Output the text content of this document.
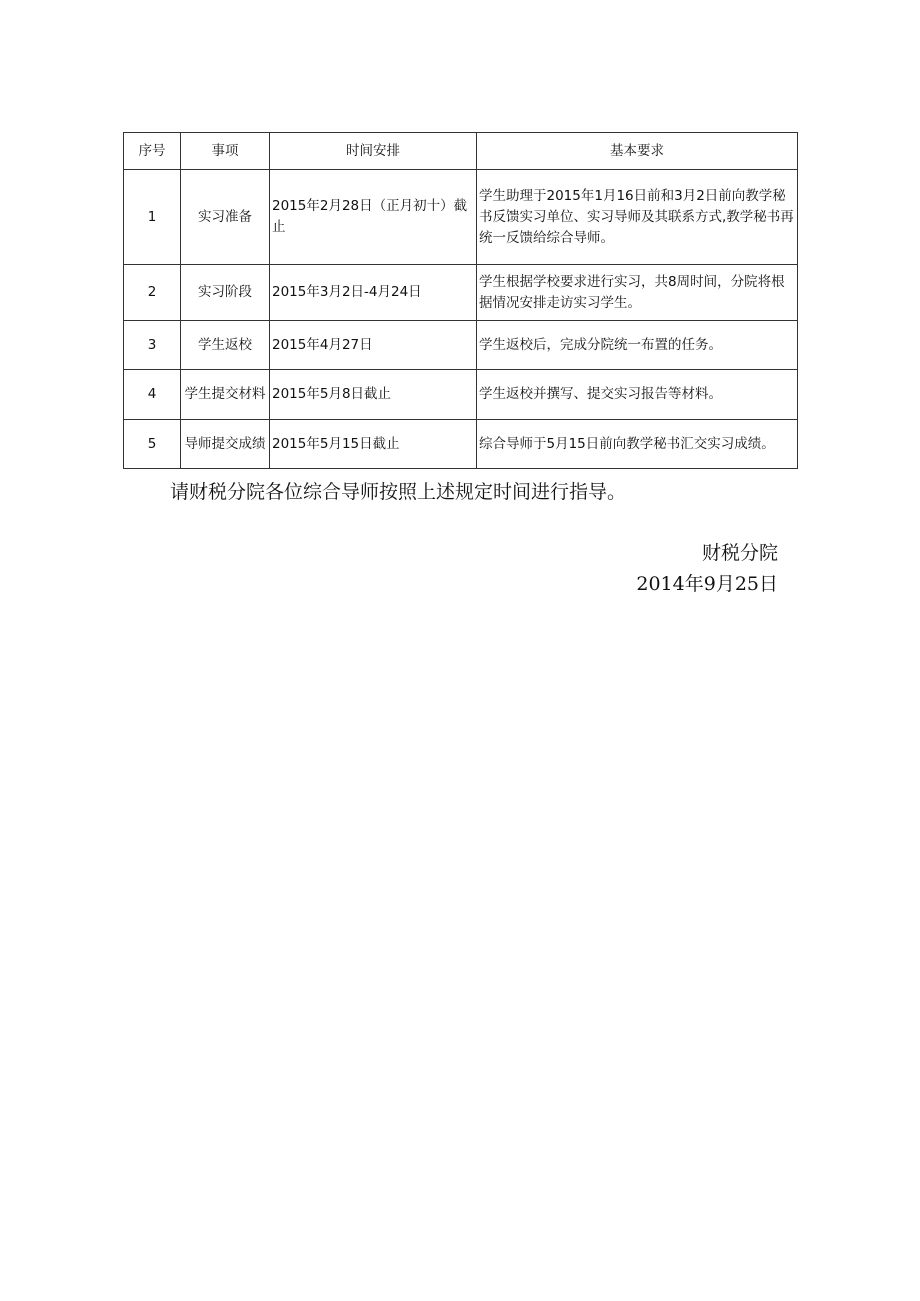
序号	事项	时间安排	基本要求
1	实习准备	2015年2月28日（正月初十）截止	学生助理于2015年1月16日前和3月2日前向教学秘书反馈实习单位、实习导师及其联系方式,教学秘书再统一反馈给综合导师。
2	实习阶段	2015年3月2日-4月24日	学生根据学校要求进行实习，共8周时间，分院将根据情况安排走访实习学生。
3	学生返校	2015年4月27日	学生返校后，完成分院统一布置的任务。
4	学生提交材料	2015年5月8日截止	学生返校并撰写、提交实习报告等材料。
5	导师提交成绩	2015年5月15日截止	综合导师于5月15日前向教学秘书汇交实习成绩。
请财税分院各位综合导师按照上述规定时间进行指导。
财税分院
2014年9月25日
